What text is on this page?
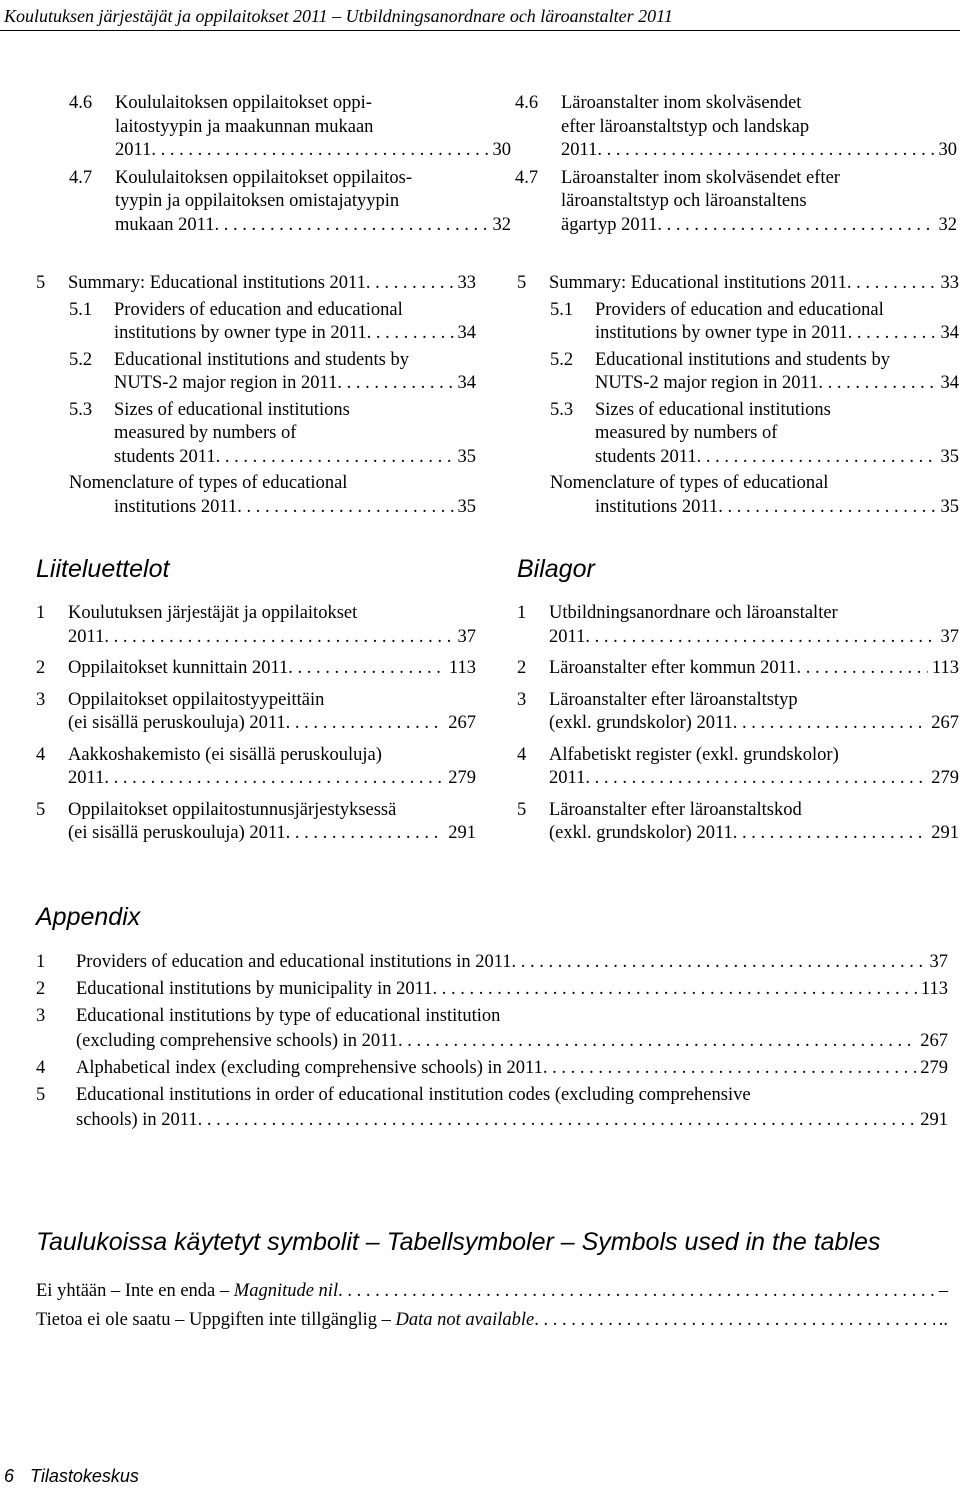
Koulutuksen järjestäjät ja oppilaitokset 2011 – Utbildningsanordnare och läroanstalter 2011
4.6 Koululaitoksen oppilaitokset oppi-
laitostyypin ja maakunnan mukaan
2011 . . .	30
4.7 Koululaitoksen oppilaitokset oppilaitos-
tyypin ja oppilaitoksen omistajatyypin
mukaan 2011 . . .	32
4.6 Läroanstalter inom skolväsendet
efter läroanstaltstyp och landskap
2011 . . .	30
4.7 Läroanstalter inom skolväsendet efter
läroanstaltstyp och läroanstaltens
ägartyp 2011 . . .	32
5 Summary: Educational institutions 2011 . . .	33
5.1 Providers of education and educational
institutions by owner type in 2011 . . .	34
5.2 Educational institutions and students by
NUTS-2 major region in 2011 . . .	34
5.3 Sizes of educational institutions
measured by numbers of
students 2011 . . .	35
Nomenclature of types of educational
institutions 2011 . . .	35
5 Summary: Educational institutions 2011 . . .	33
5.1 Providers of education and educational
institutions by owner type in 2011 . . .	34
5.2 Educational institutions and students by
NUTS-2 major region in 2011 . . .	34
5.3 Sizes of educational institutions
measured by numbers of
students 2011 . . .	35
Nomenclature of types of educational
institutions 2011 . . .	35
Liiteluettelot	Bilagor
1 Koulutuksen järjestäjät ja oppilaitokset
2011 . . .	37
2 Oppilaitokset kunnittain 2011 . . .	113
3 Oppilaitokset oppilaitostyypeittäin
(ei sisällä peruskouluja) 2011 . . .	267
4 Aakkoshakemisto (ei sisällä peruskouluja)
2011 . . .	279
5 Oppilaitokset oppilaitostunnusjärjestyksessä
(ei sisällä peruskouluja) 2011 . . .	291
1 Utbildningsanordnare och läroanstalter
2011 . . .	37
2 Läroanstalter efter kommun 2011 . . .	113
3 Läroanstalter efter läroanstaltstyp
(exkl. grundskolor) 2011 . . .	267
4 Alfabetiskt register (exkl. grundskolor)
2011 . . .	279
5 Läroanstalter efter läroanstaltskod
(exkl. grundskolor) 2011 . . .	291
Appendix
1 Providers of education and educational institutions in 2011 . . .	37
2 Educational institutions by municipality in 2011 . . .	113
3 Educational institutions by type of educational institution
(excluding comprehensive schools) in 2011 . . .	267
4 Alphabetical index (excluding comprehensive schools) in 2011 . . .	279
5 Educational institutions in order of educational institution codes (excluding comprehensive
schools) in 2011 . . .	291
Taulukoissa käytetyt symbolit – Tabellsymboler – Symbols used in the tables
Ei yhtään – Inte en enda – Magnitude nil . . .	–
Tietoa ei ole saatu – Uppgiften inte tillgänglig – Data not available . . .	..
6 Tilastokeskus
